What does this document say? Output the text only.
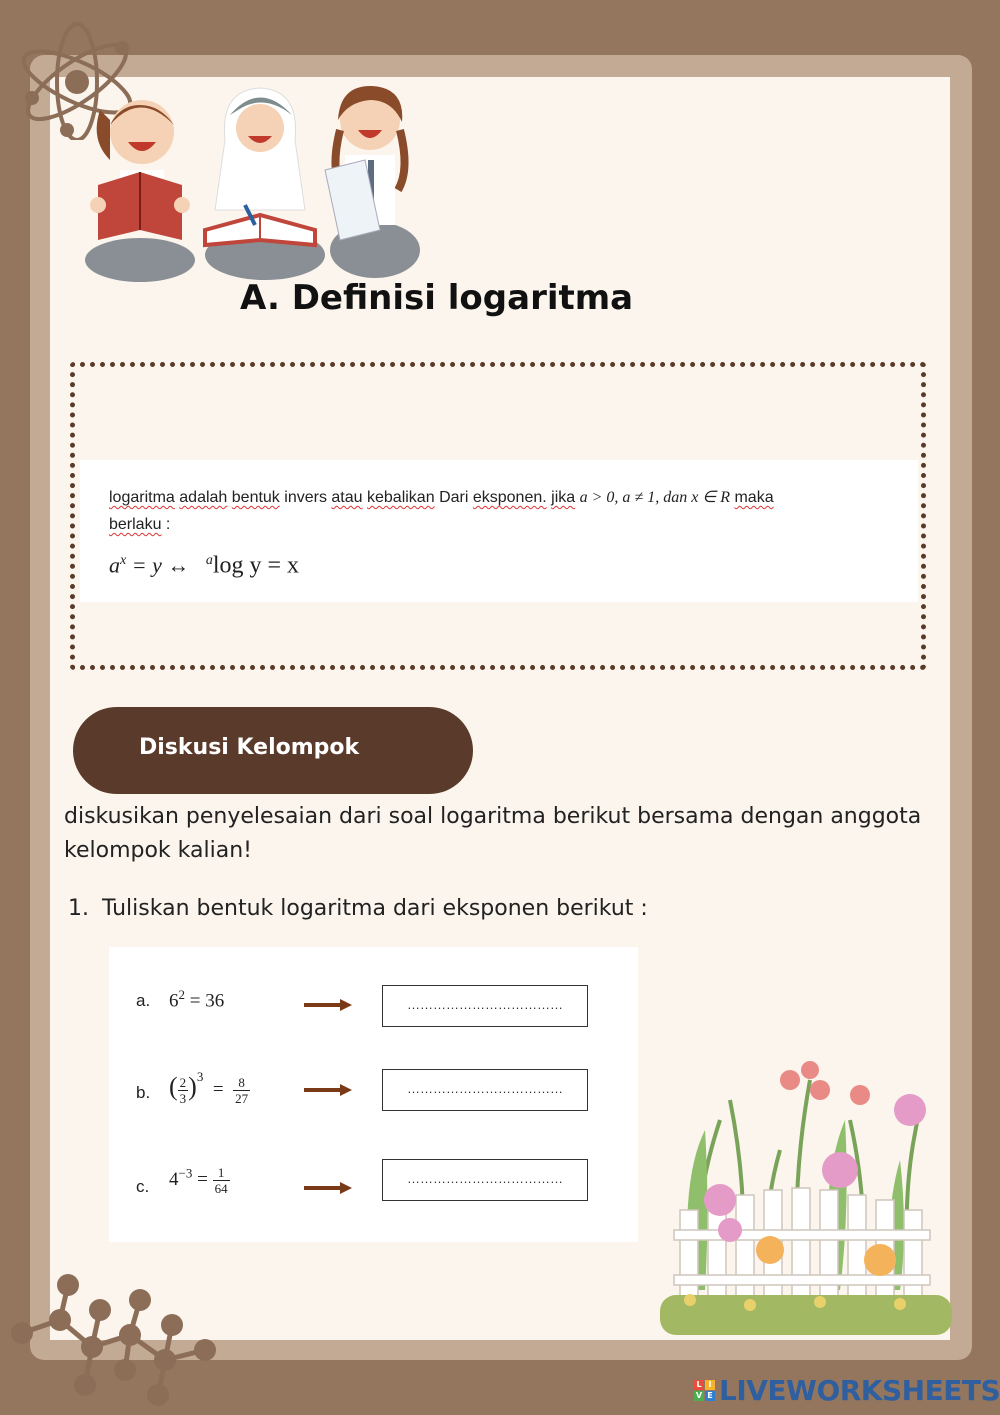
A. Definisi logaritma
logaritma adalah bentuk invers atau kebalikan Dari eksponen. jika a > 0, a ≠ 1, dan x ∈ R maka
berlaku :
$a^x = y$ ↔   $^a$log y = x
Diskusi Kelompok
diskusikan penyelesaian dari soal logaritma berikut bersama dengan anggota kelompok kalian!
1. Tuliskan bentuk logaritma dari eksponen berikut :
a. $6^2 = 36$	………………………………
b. ( $\frac{2}{3} )^3 = \frac{8}{27}$	………………………………
c. $4^{-3} = \frac{1}{64}$	………………………………
L I
V E LIVEWORKSHEETS
